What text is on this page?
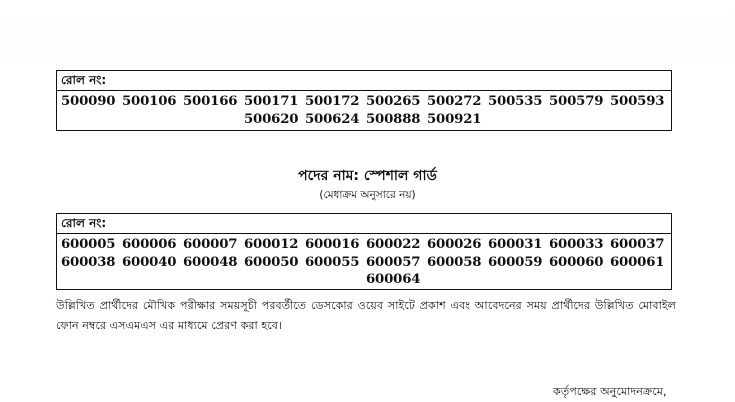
রোল নং:
500090 500106 500166 500171 500172 500265 500272 500535 500579 500593
500620 500624 500888 500921
পদের নাম: স্পেশাল গার্ড
(মেধাক্রম অনুসারে নয়)
রোল নং:
600005 600006 600007 600012 600016 600022 600026 600031 600033 600037
600038 600040 600048 600050 600055 600057 600058 600059 600060 600061
600064
উল্লিখিত প্রার্থীদের মৌখিক পরীক্ষার সময়সূচী পরবর্তীতে ডেসকোর ওয়েব সাইটে প্রকাশ এবং আবেদনের সময় প্রার্থীদের উল্লিখিত মোবাইল ফোন নম্বরে এসএমএস এর মাধ্যমে প্রেরণ করা হবে।
কর্তৃপক্ষের অনুমোদনক্রমে,
